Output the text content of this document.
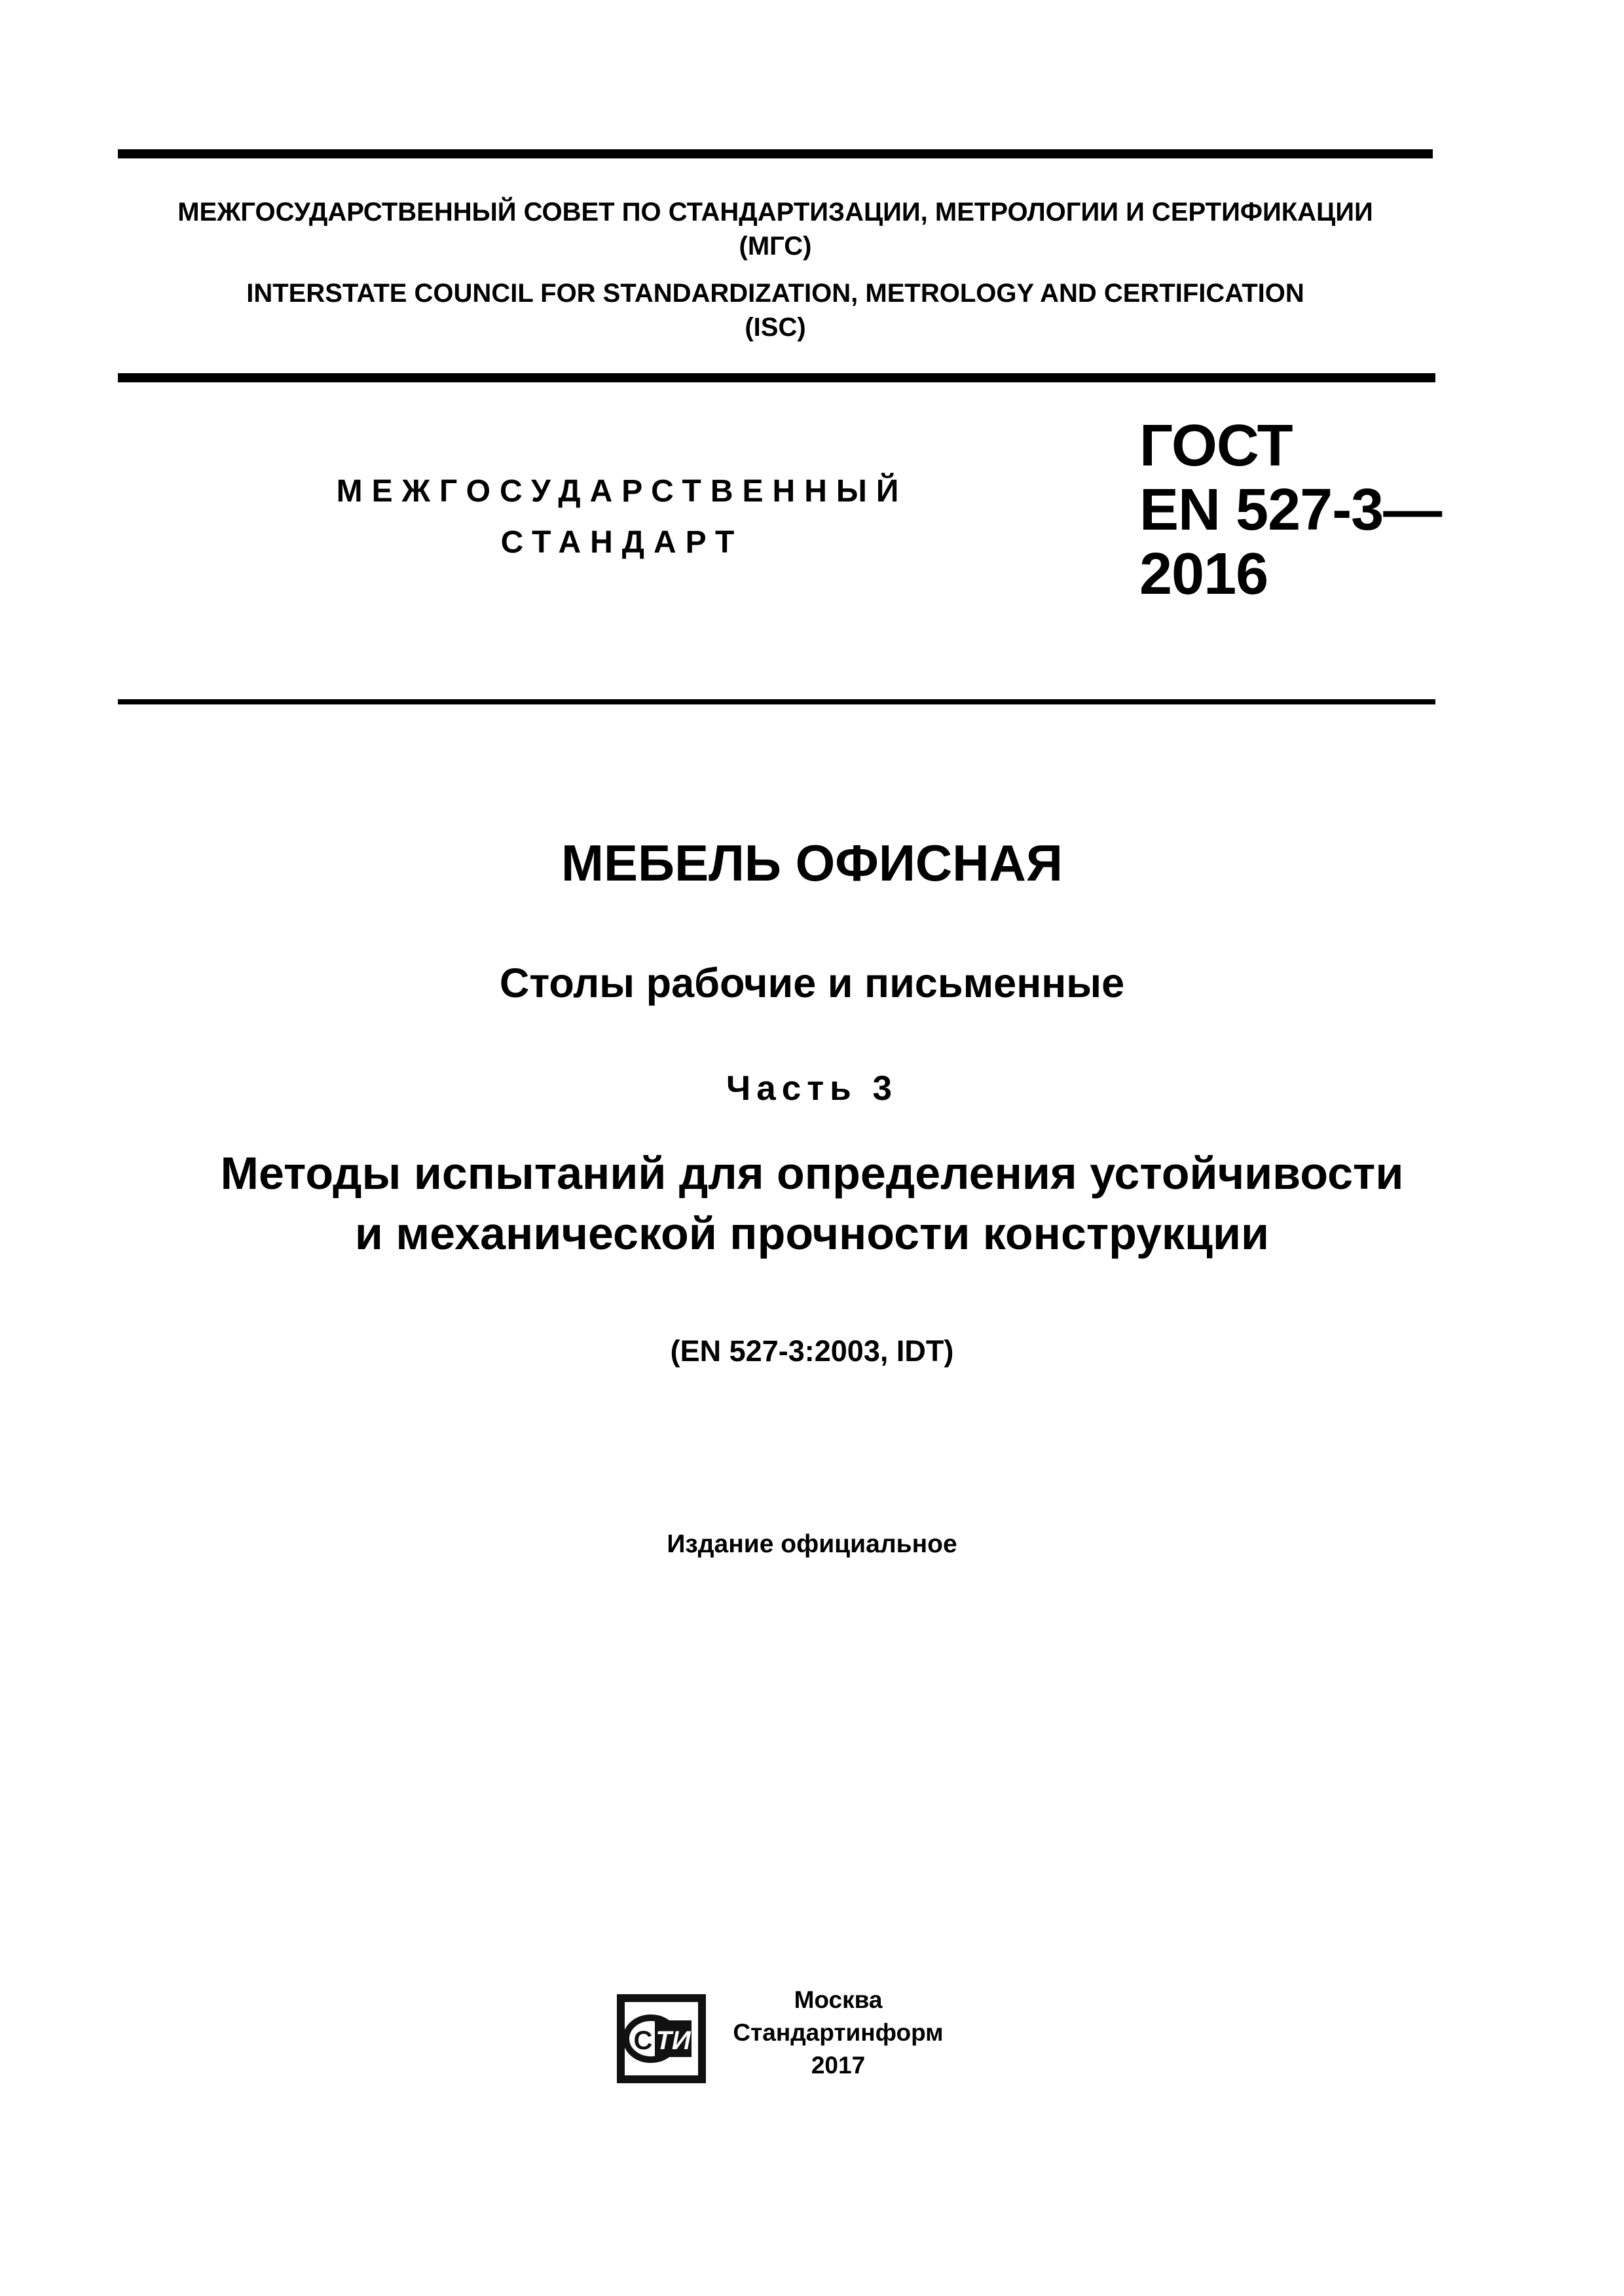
МЕЖГОСУДАРСТВЕННЫЙ СОВЕТ ПО СТАНДАРТИЗАЦИИ, МЕТРОЛОГИИ И СЕРТИФИКАЦИИ
(МГС)
INTERSTATE COUNCIL FOR STANDARDIZATION, METROLOGY AND CERTIFICATION
(ISC)
МЕЖГОСУДАРСТВЕННЫЙ
СТАНДАРТ
ГОСТ
EN 527-3—
2016
МЕБЕЛЬ ОФИСНАЯ
Столы рабочие и письменные
Часть 3
Методы испытаний для определения устойчивости
и механической прочности конструкции
(EN 527-3:2003, IDT)
Издание официальное
ТИ
С
Москва
Стандартинформ
2017
